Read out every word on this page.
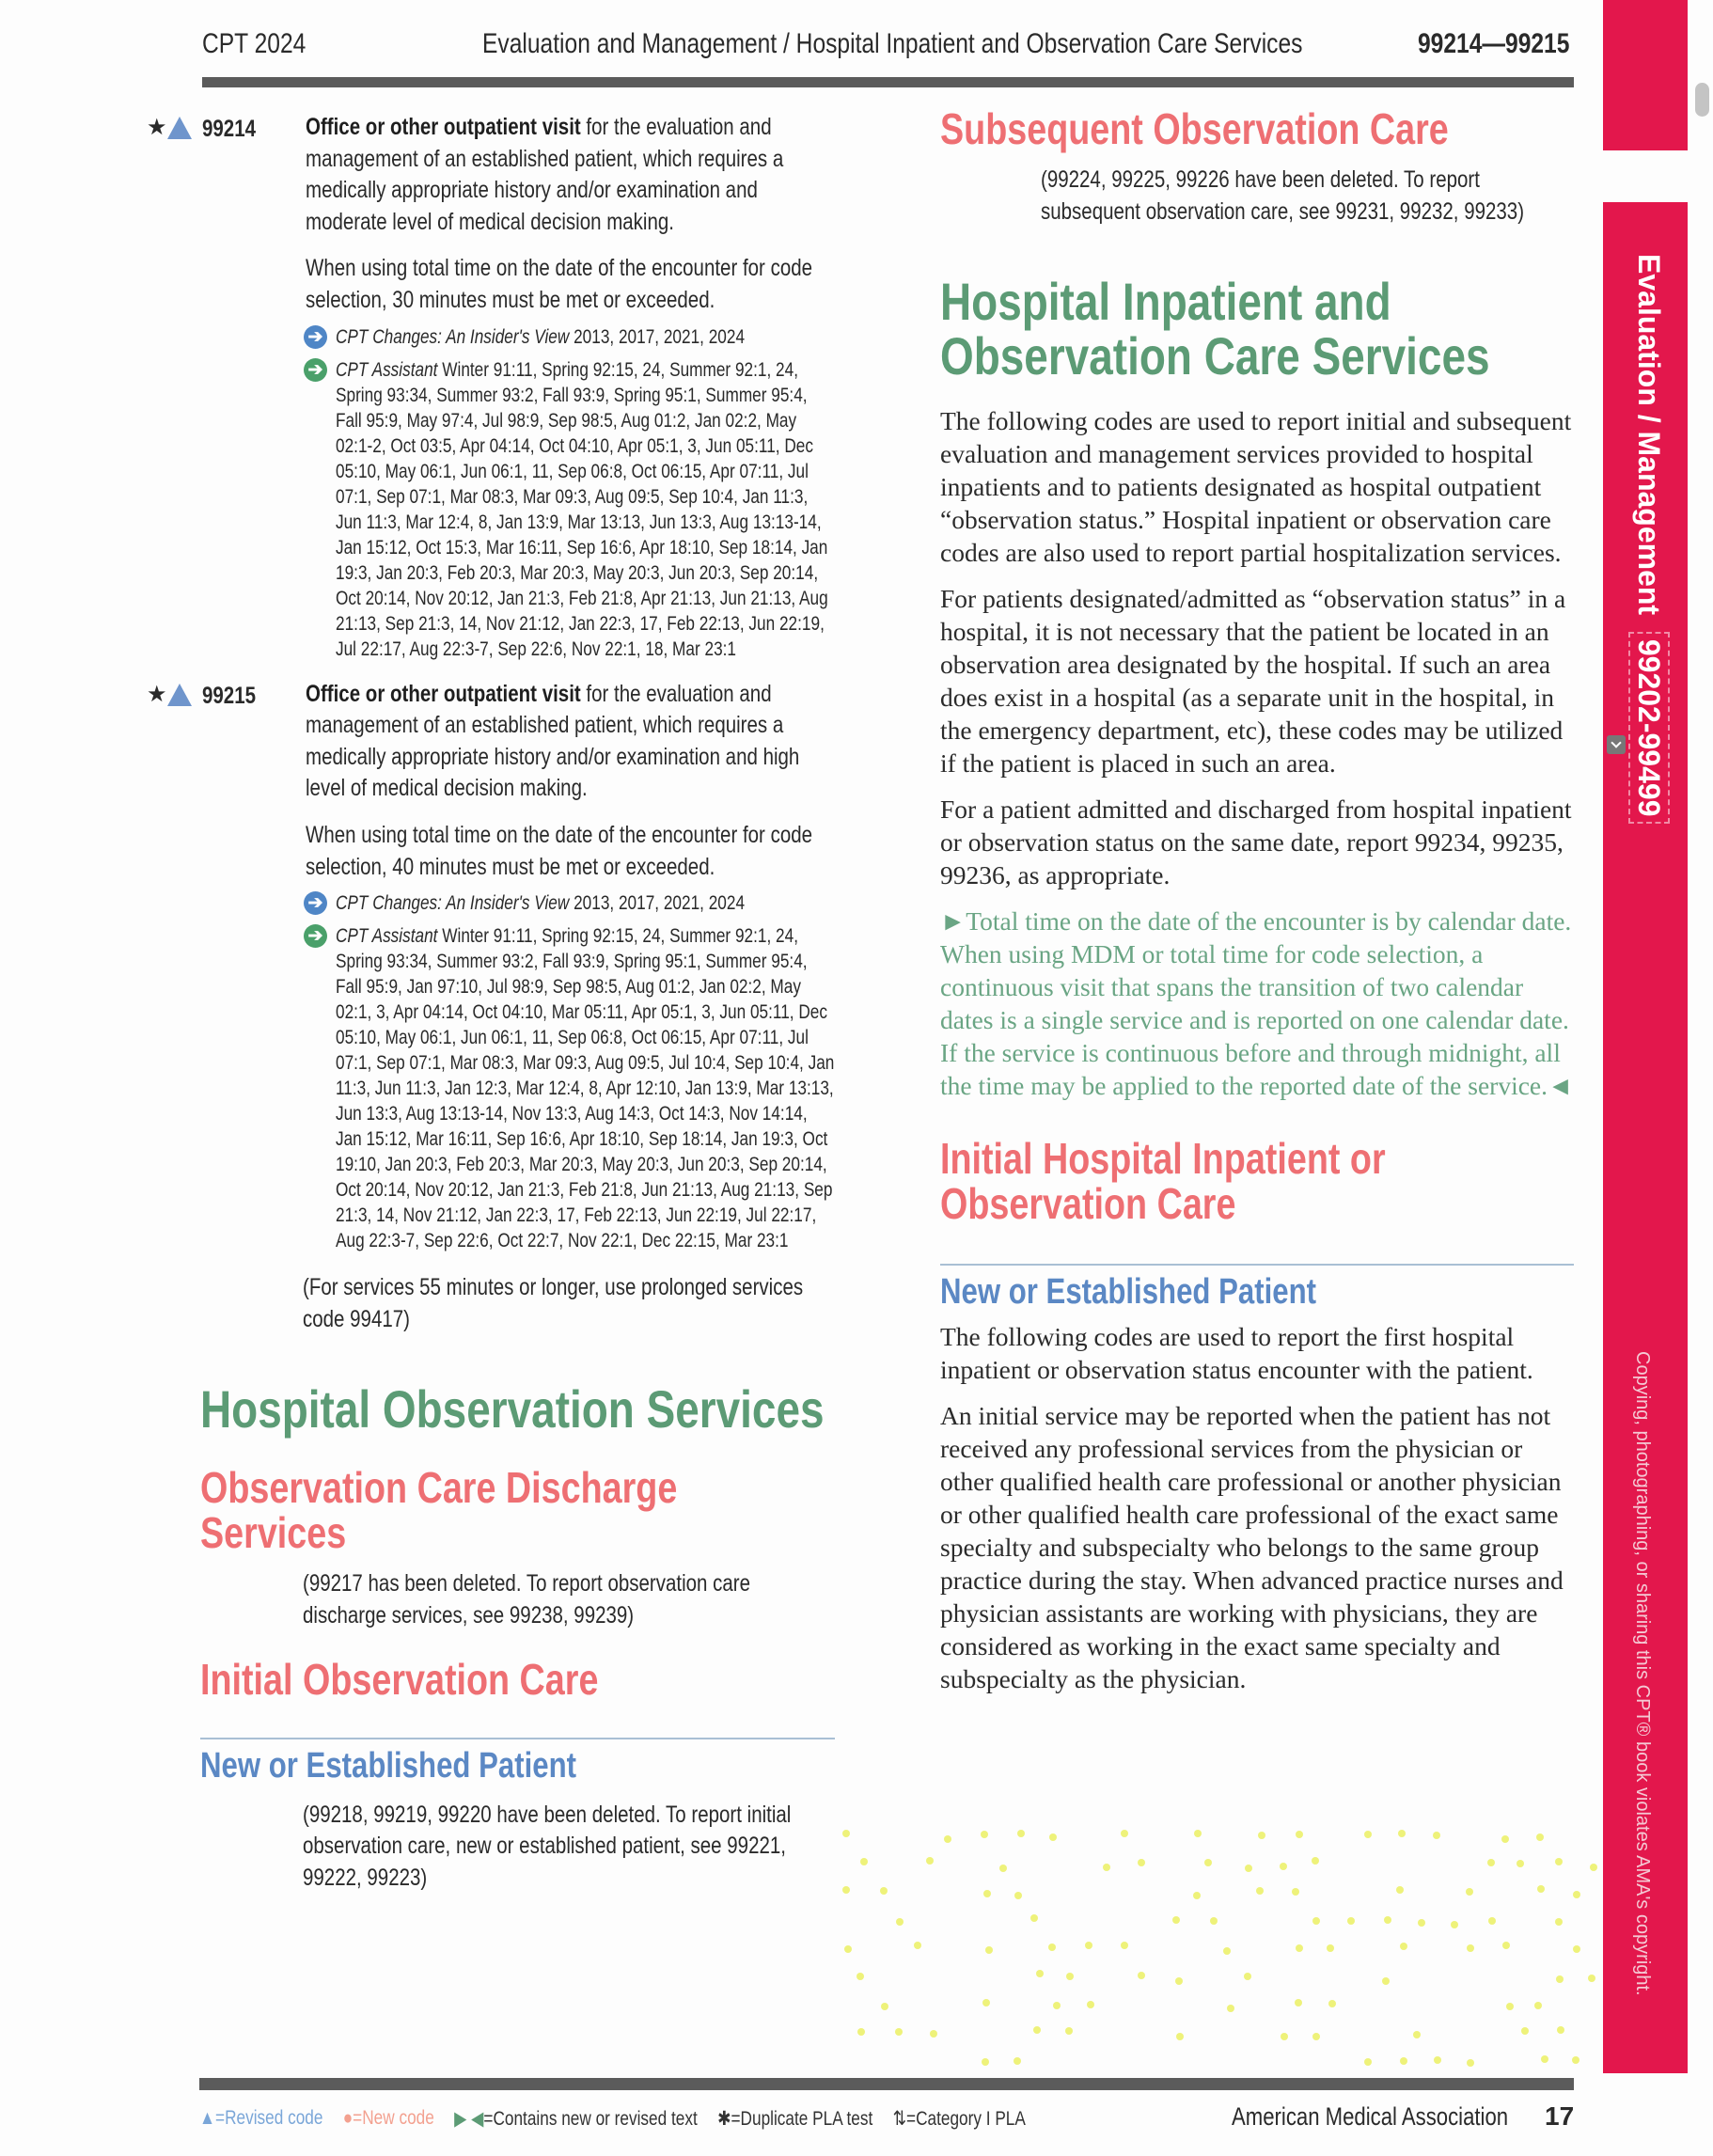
CPT 2024	Evaluation and Management / Hospital Inpatient and Observation Care Services	99214—99215
★ 99214 Office or other outpatient visit for the evaluation and management of an established patient, which requires a medically appropriate history and/or examination and moderate level of medical decision making.
When using total time on the date of the encounter for code selection, 30 minutes must be met or exceeded.
➔ CPT Changes: An Insider's View 2013, 2017, 2021, 2024
➔ CPT Assistant Winter 91:11, Spring 92:15, 24, Summer 92:1, 24, Spring 93:34, Summer 93:2, Fall 93:9, Spring 95:1, Summer 95:4, Fall 95:9, May 97:4, Jul 98:9, Sep 98:5, Aug 01:2, Jan 02:2, May 02:1-2, Oct 03:5, Apr 04:14, Oct 04:10, Apr 05:1, 3, Jun 05:11, Dec 05:10, May 06:1, Jun 06:1, 11, Sep 06:8, Oct 06:15, Apr 07:11, Jul 07:1, Sep 07:1, Mar 08:3, Mar 09:3, Aug 09:5, Sep 10:4, Jan 11:3, Jun 11:3, Mar 12:4, 8, Jan 13:9, Mar 13:13, Jun 13:3, Aug 13:13-14, Jan 15:12, Oct 15:3, Mar 16:11, Sep 16:6, Apr 18:10, Sep 18:14, Jan 19:3, Jan 20:3, Feb 20:3, Mar 20:3, May 20:3, Jun 20:3, Sep 20:14, Oct 20:14, Nov 20:12, Jan 21:3, Feb 21:8, Apr 21:13, Jun 21:13, Aug 21:13, Sep 21:3, 14, Nov 21:12, Jan 22:3, 17, Feb 22:13, Jun 22:19, Jul 22:17, Aug 22:3-7, Sep 22:6, Nov 22:1, 18, Mar 23:1
★ 99215 Office or other outpatient visit for the evaluation and management of an established patient, which requires a medically appropriate history and/or examination and high level of medical decision making.
When using total time on the date of the encounter for code selection, 40 minutes must be met or exceeded.
➔ CPT Changes: An Insider's View 2013, 2017, 2021, 2024
➔ CPT Assistant Winter 91:11, Spring 92:15, 24, Summer 92:1, 24, Spring 93:34, Summer 93:2, Fall 93:9, Spring 95:1, Summer 95:4, Fall 95:9, Jan 97:10, Jul 98:9, Sep 98:5, Aug 01:2, Jan 02:2, May 02:1, 3, Apr 04:14, Oct 04:10, Mar 05:11, Apr 05:1, 3, Jun 05:11, Dec 05:10, May 06:1, Jun 06:1, 11, Sep 06:8, Oct 06:15, Apr 07:11, Jul 07:1, Sep 07:1, Mar 08:3, Mar 09:3, Aug 09:5, Jul 10:4, Sep 10:4, Jan 11:3, Jun 11:3, Jan 12:3, Mar 12:4, 8, Apr 12:10, Jan 13:9, Mar 13:13, Jun 13:3, Aug 13:13-14, Nov 13:3, Aug 14:3, Oct 14:3, Nov 14:14, Jan 15:12, Mar 16:11, Sep 16:6, Apr 18:10, Sep 18:14, Jan 19:3, Oct 19:10, Jan 20:3, Feb 20:3, Mar 20:3, May 20:3, Jun 20:3, Sep 20:14, Oct 20:14, Nov 20:12, Jan 21:3, Feb 21:8, Jun 21:13, Aug 21:13, Sep 21:3, 14, Nov 21:12, Jan 22:3, 17, Feb 22:13, Jun 22:19, Jul 22:17, Aug 22:3-7, Sep 22:6, Oct 22:7, Nov 22:1, Dec 22:15, Mar 23:1
(For services 55 minutes or longer, use prolonged services code 99417)
Hospital Observation Services
Observation Care Discharge
Services
(99217 has been deleted. To report observation care discharge services, see 99238, 99239)
Initial Observation Care
New or Established Patient
(99218, 99219, 99220 have been deleted. To report initial observation care, new or established patient, see 99221, 99222, 99223)
Subsequent Observation Care
(99224, 99225, 99226 have been deleted. To report subsequent observation care, see 99231, 99232, 99233)
Hospital Inpatient and
Observation Care Services
The following codes are used to report initial and subsequent evaluation and management services provided to hospital inpatients and to patients designated as hospital outpatient “observation status.” Hospital inpatient or observation care codes are also used to report partial hospitalization services.
For patients designated/admitted as “observation status” in a hospital, it is not necessary that the patient be located in an observation area designated by the hospital. If such an area does exist in a hospital (as a separate unit in the hospital, in the emergency department, etc), these codes may be utilized if the patient is placed in such an area.
For a patient admitted and discharged from hospital inpatient or observation status on the same date, report 99234, 99235, 99236, as appropriate.
►Total time on the date of the encounter is by calendar date. When using MDM or total time for code selection, a continuous visit that spans the transition of two calendar dates is a single service and is reported on one calendar date. If the service is continuous before and through midnight, all the time may be applied to the reported date of the service.◄
Initial Hospital Inpatient or
Observation Care
New or Established Patient
The following codes are used to report the first hospital inpatient or observation status encounter with the patient.
An initial service may be reported when the patient has not received any professional services from the physician or other qualified health care professional or another physician or other qualified health care professional of the exact same specialty and subspecialty who belongs to the same group practice during the stay. When advanced practice nurses and physician assistants are working with physicians, they are considered as working in the exact same specialty and subspecialty as the physician.
Evaluation / Management  99202-99499
Copying, photographing, or sharing this CPT® book violates AMA's copyright.
▲=Revised code ●=New code ▶ ◀=Contains new or revised text ✱=Duplicate PLA test ⇅=Category I PLA	American Medical Association 17
